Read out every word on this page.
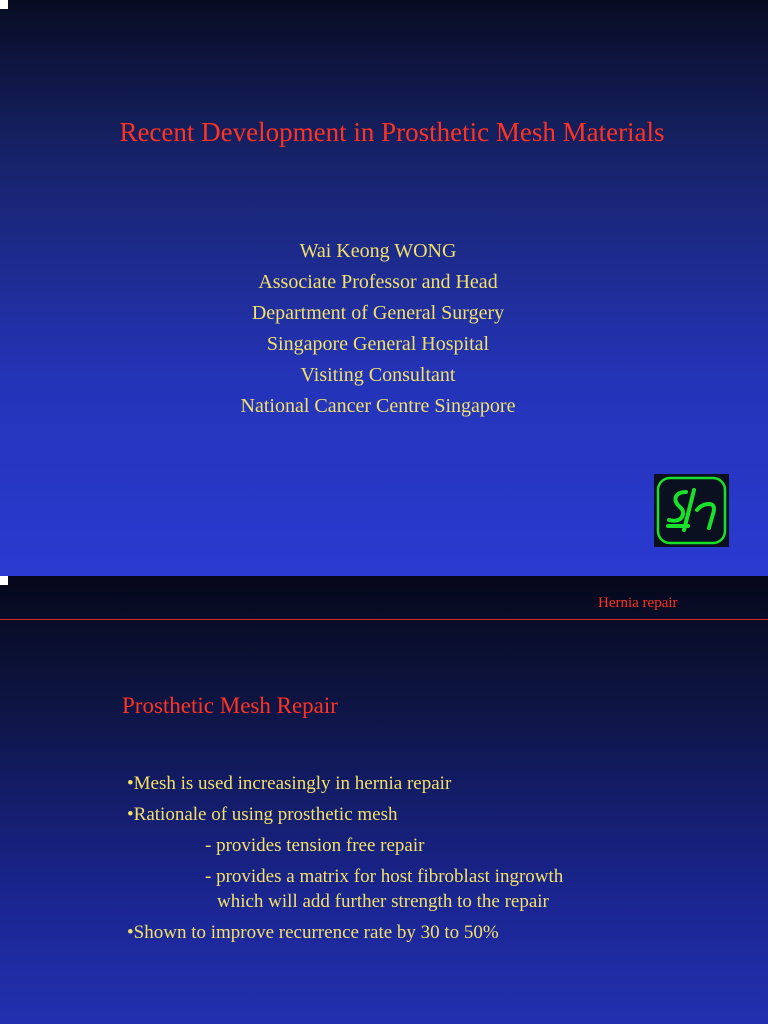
Recent Development in Prosthetic Mesh Materials
Wai Keong WONG
Associate Professor and Head
Department of General Surgery
Singapore General Hospital
Visiting Consultant
National Cancer Centre Singapore
Hernia repair
Prosthetic Mesh Repair
•Mesh is used increasingly in hernia repair
•Rationale of using prosthetic mesh
- provides tension free repair
- provides a matrix for host fibroblast ingrowth
which will add further strength to the repair
•Shown to improve recurrence rate by 30 to 50%
